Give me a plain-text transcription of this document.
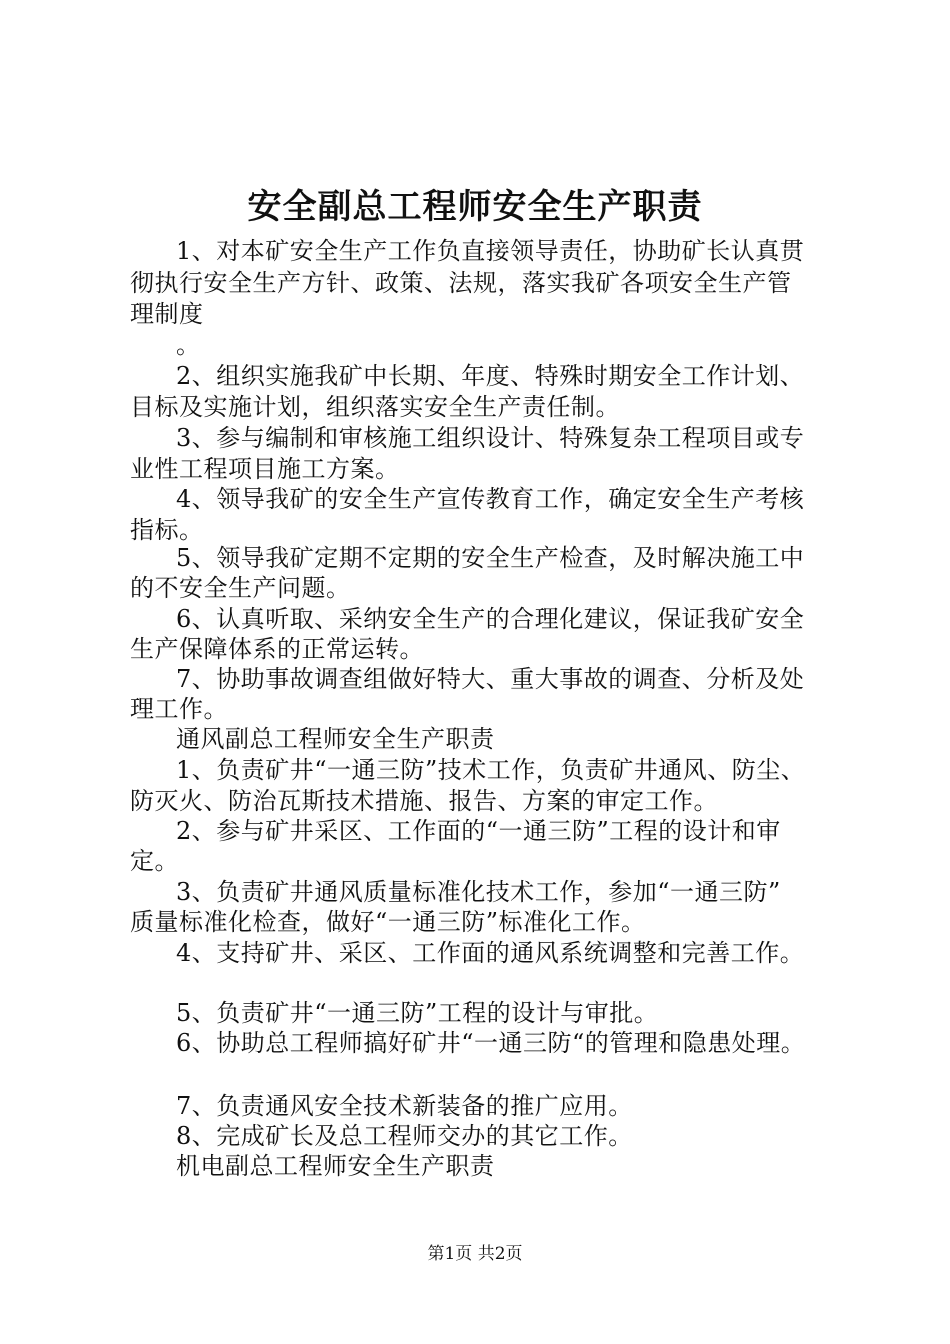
安全副总工程师安全生产职责
1、对本矿安全生产工作负直接领导责任，协助矿长认真贯
彻执行安全生产方针、政策、法规，落实我矿各项安全生产管
理制度
。
2、组织实施我矿中长期、年度、特殊时期安全工作计划、
目标及实施计划，组织落实安全生产责任制。
3、参与编制和审核施工组织设计、特殊复杂工程项目或专
业性工程项目施工方案。
4、领导我矿的安全生产宣传教育工作，确定安全生产考核
指标。
5、领导我矿定期不定期的安全生产检查，及时解决施工中
的不安全生产问题。
6、认真听取、采纳安全生产的合理化建议，保证我矿安全
生产保障体系的正常运转。
7、协助事故调查组做好特大、重大事故的调查、分析及处
理工作。
通风副总工程师安全生产职责
1、负责矿井“一通三防”技术工作，负责矿井通风、防尘、
防灭火、防治瓦斯技术措施、报告、方案的审定工作。
2、参与矿井采区、工作面的“一通三防”工程的设计和审
定。
3、负责矿井通风质量标准化技术工作，参加“一通三防”
质量标准化检查，做好“一通三防”标准化工作。
4、支持矿井、采区、工作面的通风系统调整和完善工作。
5、负责矿井“一通三防”工程的设计与审批。
6、协助总工程师搞好矿井“一通三防“的管理和隐患处理。
7、负责通风安全技术新装备的推广应用。
8、完成矿长及总工程师交办的其它工作。
机电副总工程师安全生产职责
第1页 共2页
